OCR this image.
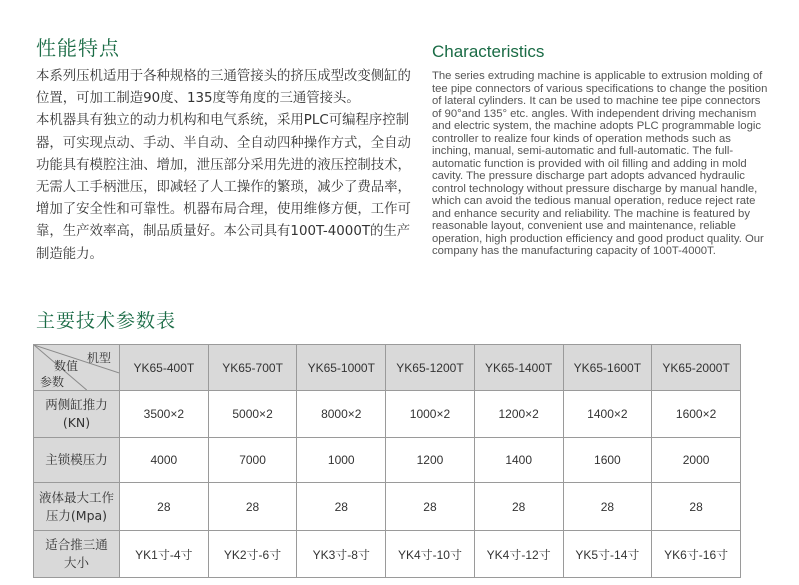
性能特点

本系列压机适用于各种规格的三通管接头的挤压成型改变侧缸的位置，可加工制造90度、135度等角度的三通管接头。

本机器具有独立的动力机构和电气系统，采用PLC可编程序控制器，可实现点动、手动、半自动、全自动四种操作方式，全自动功能具有模腔注油、增加，泄压部分采用先进的液压控制技术，无需人工手柄泄压，即减轻了人工操作的繁琐，减少了费品率，增加了安全性和可靠性。机器布局合理，使用维修方便，工作可靠，生产效率高，制品质量好。本公司具有100T-4000T的生产制造能力。

Characteristics

The series extruding machine is applicable to extrusion molding of tee pipe connectors of various specifications to change the position of lateral cylinders. It can be used to machine tee pipe connectors of 90°and 135° etc. angles. With independent driving mechanism and electric system, the machine adopts PLC programmable logic controller to realize four kinds of operation methods such as inching, manual, semi-automatic and full-automatic. The full-automatic function is provided with oil filling and adding in mold cavity. The pressure discharge part adopts advanced hydraulic control technology without pressure discharge by manual handle, which can avoid the tedious manual operation, reduce reject rate and enhance security and reliability. The machine is featured by reasonable layout, convenient use and maintenance, reliable operation, high production efficiency and good product quality. Our company has the manufacturing capacity of 100T-4000T.

主要技术参数表
机型
数值
参数	YK65-400T	YK65-700T	YK65-1000T	YK65-1200T	YK65-1400T	YK65-1600T	YK65-2000T
两侧缸推力
(KN)	3500×2	5000×2	8000×2	1000×2	1200×2	1400×2	1600×2
主锁模压力	4000	7000	1000	1200	1400	1600	2000
液体最大工作
压力(Mpa)	28	28	28	28	28	28	28
适合推三通
大小	YK1寸-4寸	YK2寸-6寸	YK3寸-8寸	YK4寸-10寸	YK4寸-12寸	YK5寸-14寸	YK6寸-16寸
